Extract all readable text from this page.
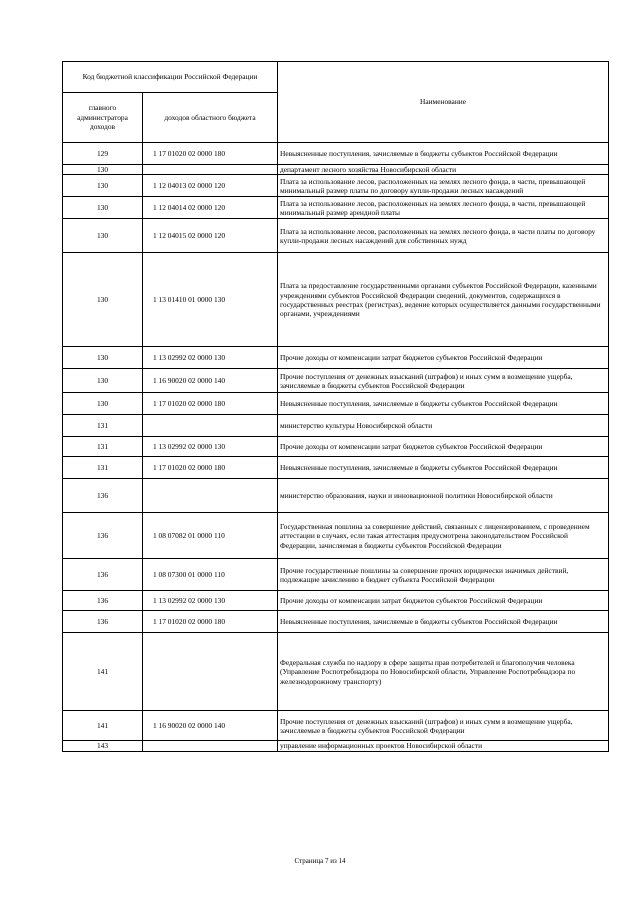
Код бюджетной классификации Российской Федерации		Наименование
главного администратора доходов	доходов областного бюджета	
129	1 17 01020 02 0000 180	Невыясненные поступления, зачисляемые в бюджеты субъектов Российской Федерации
130		департамент лесного хозяйства Новосибирской области
130	1 12 04013 02 0000 120	Плата за использование лесов, расположенных на землях лесного фонда, в части, превышающей минимальный размер платы по договору купли-продажи лесных насаждений
130	1 12 04014 02 0000 120	Плата за использование лесов, расположенных на землях лесного фонда, в части, превышающей минимальный размер арендной платы
130	1 12 04015 02 0000 120	Плата за использование лесов, расположенных на землях лесного фонда, в части платы по договору купли-продажи лесных насаждений для собственных нужд
130	1 13 01410 01 0000 130	Плата за предоставление государственными органами субъектов Российской Федерации, казенными учреждениями субъектов Российской Федерации сведений, документов, содержащихся в государственных реестрах (регистрах), ведение которых осуществляется данными государственными органами, учреждениями
130	1 13 02992 02 0000 130	Прочие доходы от компенсации затрат бюджетов субъектов Российской Федерации
130	1 16 90020 02 0000 140	Прочие поступления от денежных взысканий (штрафов) и иных сумм в возмещение ущерба, зачисляемые в бюджеты субъектов Российской Федерации
130	1 17 01020 02 0000 180	Невыясненные поступления, зачисляемые в бюджеты субъектов Российской Федерации
131		министерство культуры Новосибирской области
131	1 13 02992 02 0000 130	Прочие доходы от компенсации затрат бюджетов субъектов Российской Федерации
131	1 17 01020 02 0000 180	Невыясненные поступления, зачисляемые в бюджеты субъектов Российской Федерации
136		министерство образования, науки и инновационной политики Новосибирской области
136	1 08 07082 01 0000 110	Государственная пошлина за совершение действий, связанных с лицензированием, с проведением аттестации в случаях, если такая аттестация предусмотрена законодательством Российской Федерации, зачисляемая в бюджеты субъектов Российской Федерации
136	1 08 07300 01 0000 110	Прочие государственные пошлины за совершение прочих юридически значимых действий, подлежащие зачислению в бюджет субъекта Российской Федерации
136	1 13 02992 02 0000 130	Прочие доходы от компенсации затрат бюджетов субъектов Российской Федерации
136	1 17 01020 02 0000 180	Невыясненные поступления, зачисляемые в бюджеты субъектов Российской Федерации
141		Федеральная служба по надзору в сфере защиты прав потребителей и благополучия человека (Управление Роспотребнадзора по Новосибирской области, Управление Роспотребнадзора по железнодорожному транспорту)
141	1 16 90020 02 0000 140	Прочие поступления от денежных взысканий (штрафов) и иных сумм в возмещение ущерба, зачисляемые в бюджеты субъектов Российской Федерации
143		управление информационных проектов Новосибирской области
Страница 7 из 14
